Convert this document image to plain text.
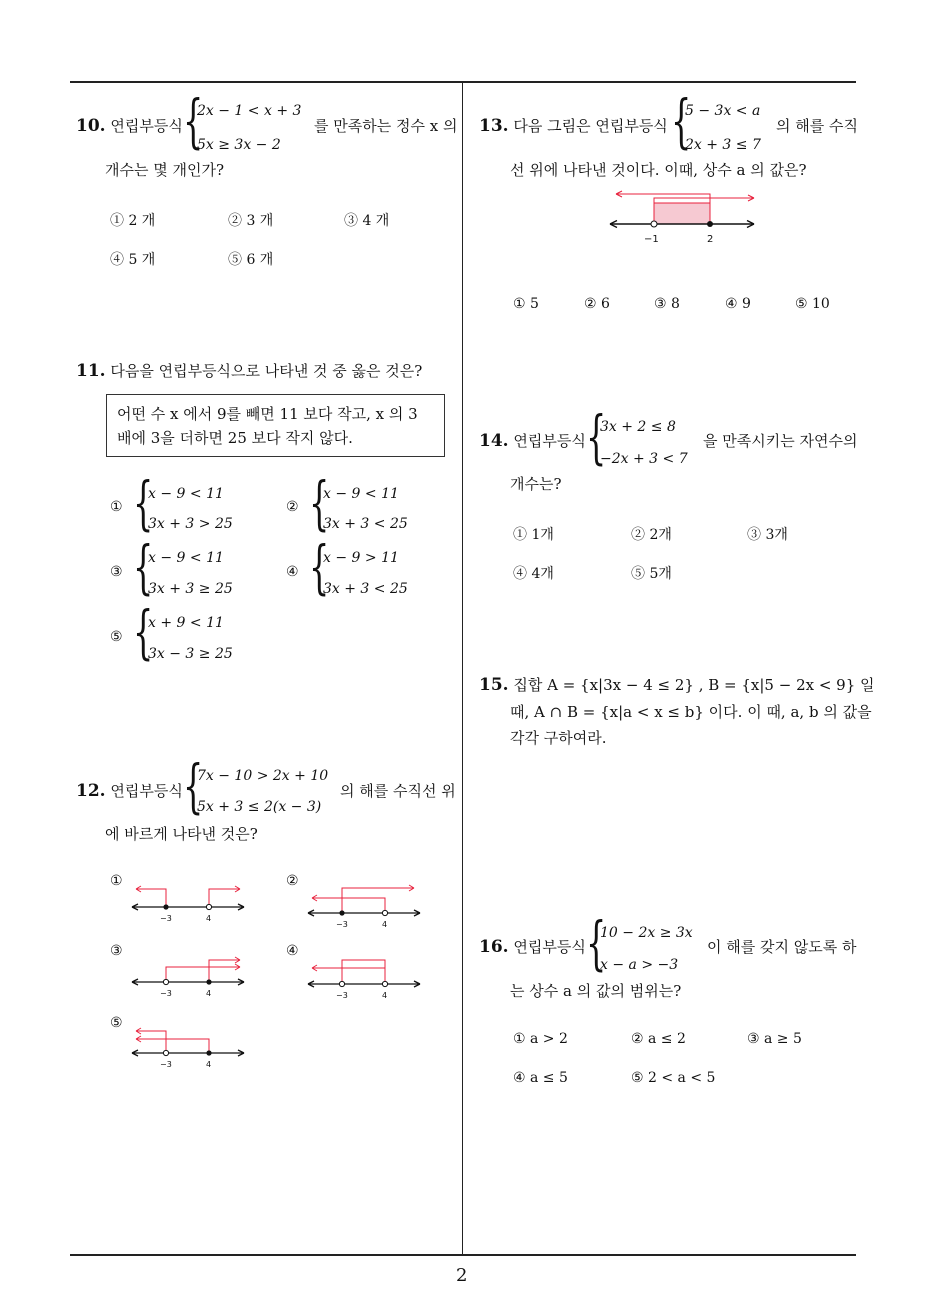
2
10. 연립부등식 {
2x − 1 < x + 3
5x ≥ 3x − 2
를 만족하는 정수 x 의
개수는 몇 개인가?
① 2 개	② 3 개	③ 4 개
④ 5 개	⑤ 6 개
11. 다음을 연립부등식으로 나타낸 것 중 옳은 것은?
어떤 수 x 에서 9를 빼면 11 보다 작고, x 의 3
배에 3을 더하면 25 보다 작지 않다.
① {
x − 9 < 11
3x + 3 > 25
② {
x − 9 < 11
3x + 3 < 25
③ {
x − 9 < 11
3x + 3 ≥ 25
④ {
x − 9 > 11
3x + 3 < 25
⑤ {
x + 9 < 11
3x − 3 ≥ 25
12. 연립부등식 {
7x − 10 > 2x + 10
5x + 3 ≤ 2(x − 3)
의 해를 수직선 위
에 바르게 나타낸 것은?
①	②
③	④
⑤
−3	4
−3	4
−3	4	−3	4
−3	4
13. 다음 그림은 연립부등식 {
5 − 3x < a
2x + 3 ≤ 7
의 해를 수직
선 위에 나타낸 것이다. 이때, 상수 a 의 값은?
−1	2
① 5	② 6	③ 8	④ 9	⑤ 10
14. 연립부등식 {
3x + 2 ≤ 8
−2x + 3 < 7
을 만족시키는 자연수의
개수는?
① 1개	② 2개	③ 3개
④ 4개	⑤ 5개
15. 집합 A = {x|3x − 4 ≤ 2} , B = {x|5 − 2x < 9} 일
때, A ∩ B = {x|a < x ≤ b} 이다. 이 때, a, b 의 값을
각각 구하여라.
16. 연립부등식 {
10 − 2x ≥ 3x
x − a > −3
이 해를 갖지 않도록 하
는 상수 a 의 값의 범위는?
① a > 2	② a ≤ 2	③ a ≥ 5
④ a ≤ 5	⑤ 2 < a < 5
